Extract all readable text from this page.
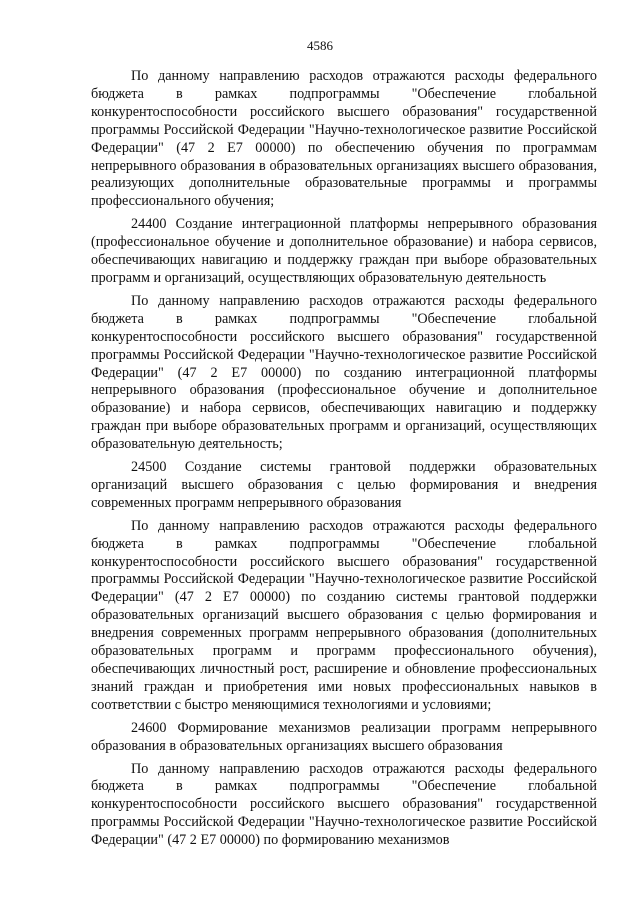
4586

По данному направлению расходов отражаются расходы федерального бюджета в рамках подпрограммы "Обеспечение глобальной конкурентоспособности российского высшего образования" государственной программы Российской Федерации "Научно-технологическое развитие Российской Федерации" (47 2 Е7 00000) по обеспечению обучения по программам непрерывного образования в образовательных организациях высшего образования, реализующих дополнительные образовательные программы и программы профессионального обучения;

24400 Создание интеграционной платформы непрерывного образования (профессиональное обучение и дополнительное образование) и набора сервисов, обеспечивающих навигацию и поддержку граждан при выборе образовательных программ и организаций, осуществляющих образовательную деятельность

По данному направлению расходов отражаются расходы федерального бюджета в рамках подпрограммы "Обеспечение глобальной конкурентоспособности российского высшего образования" государственной программы Российской Федерации "Научно-технологическое развитие Российской Федерации" (47 2 Е7 00000) по созданию интеграционной платформы непрерывного образования (профессиональное обучение и дополнительное образование) и набора сервисов, обеспечивающих навигацию и поддержку граждан при выборе образовательных программ и организаций, осуществляющих образовательную деятельность;

24500 Создание системы грантовой поддержки образовательных организаций высшего образования с целью формирования и внедрения современных программ непрерывного образования

По данному направлению расходов отражаются расходы федерального бюджета в рамках подпрограммы "Обеспечение глобальной конкурентоспособности российского высшего образования" государственной программы Российской Федерации "Научно-технологическое развитие Российской Федерации" (47 2 Е7 00000) по созданию системы грантовой поддержки образовательных организаций высшего образования с целью формирования и внедрения современных программ непрерывного образования (дополнительных образовательных программ и программ профессионального обучения), обеспечивающих личностный рост, расширение и обновление профессиональных знаний граждан и приобретения ими новых профессиональных навыков в соответствии с быстро меняющимися технологиями и условиями;

24600 Формирование механизмов реализации программ непрерывного образования в образовательных организациях высшего образования

По данному направлению расходов отражаются расходы федерального бюджета в рамках подпрограммы "Обеспечение глобальной конкурентоспособности российского высшего образования" государственной программы Российской Федерации "Научно-технологическое развитие Российской Федерации" (47 2 Е7 00000) по формированию механизмов
